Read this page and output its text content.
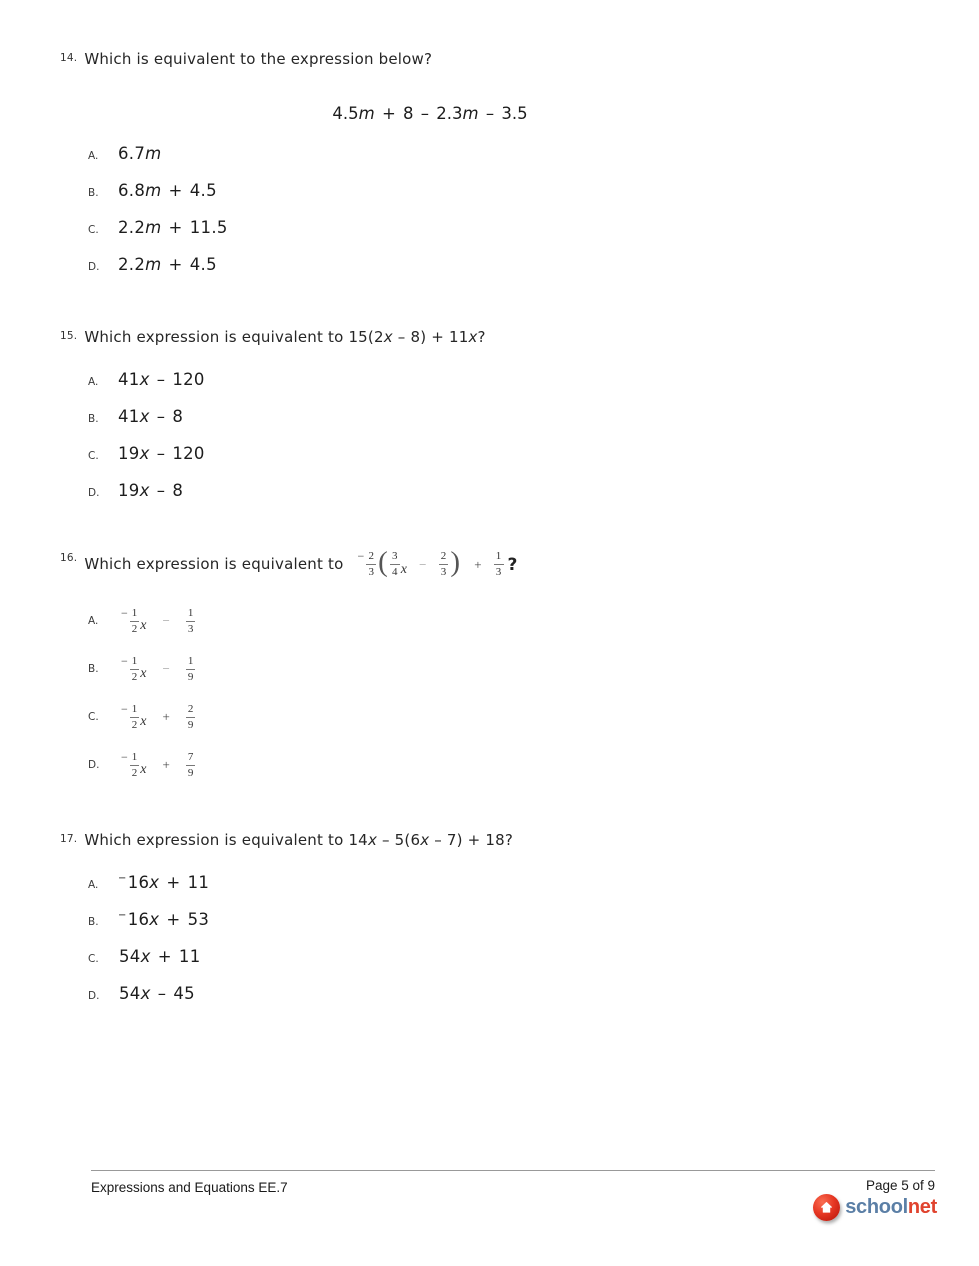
$^{14.}$ Which is equivalent to the expression below?
4.5m + 8 – 2.3m – 3.5
A.	6.7m
B.	6.8m + 4.5
C.	2.2m + 11.5
D.	2.2m + 4.5
$^{15.}$ Which expression is equivalent to 15(2x – 8) + 11x?
A.	41x – 120
B.	41x – 8
C.	19x – 120
D.	19x – 8
16. Which expression is equivalent to − $\frac{2}{3}$ ( $\frac{3}{4}$ $x - \frac{2}{3}$ ) + $\frac{1}{3}$ ?
A.
− $\frac{1}{2}$ $x - \frac{1}{3}$
B.
− $\frac{1}{2}$ $x - \frac{1}{9}$
C.
− $\frac{1}{2}$ $x + \frac{2}{9}$
D.
− $\frac{1}{2}$ $x + \frac{7}{9}$
$^{17.}$ Which expression is equivalent to 14x – 5(6x – 7) + 18?
A.
−16x + 11
B.
−16x + 53
C.	54x + 11
D.	54x – 45
Expressions and Equations EE.7	Page 5 of 9
school net
